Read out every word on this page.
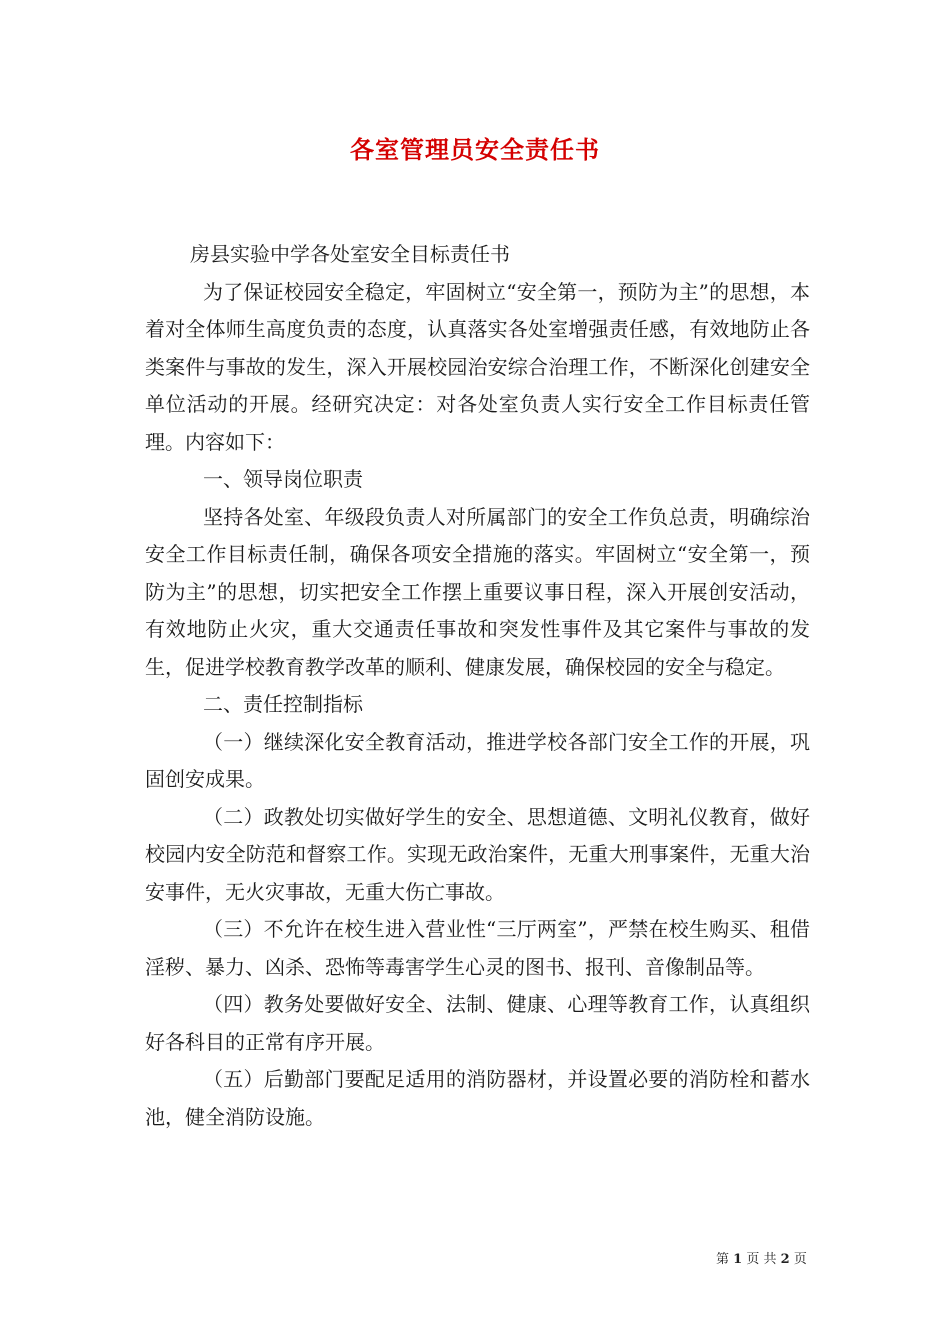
各室管理员安全责任书

房县实验中学各处室安全目标责任书

为了保证校园安全稳定，牢固树立“安全第一，预防为主”的思想，本着对全体师生高度负责的态度，认真落实各处室增强责任感，有效地防止各类案件与事故的发生，深入开展校园治安综合治理工作，不断深化创建安全单位活动的开展。经研究决定：对各处室负责人实行安全工作目标责任管理。内容如下：

一、领导岗位职责

坚持各处室、年级段负责人对所属部门的安全工作负总责，明确综治安全工作目标责任制，确保各项安全措施的落实。牢固树立“安全第一，预防为主”的思想，切实把安全工作摆上重要议事日程，深入开展创安活动，有效地防止火灾，重大交通责任事故和突发性事件及其它案件与事故的发生，促进学校教育教学改革的顺利、健康发展，确保校园的安全与稳定。

二、责任控制指标

（一）继续深化安全教育活动，推进学校各部门安全工作的开展，巩固创安成果。

（二）政教处切实做好学生的安全、思想道德、文明礼仪教育，做好校园内安全防范和督察工作。实现无政治案件，无重大刑事案件，无重大治安事件，无火灾事故，无重大伤亡事故。

（三）不允许在校生进入营业性“三厅两室”，严禁在校生购买、租借淫秽、暴力、凶杀、恐怖等毒害学生心灵的图书、报刊、音像制品等。

（四）教务处要做好安全、法制、健康、心理等教育工作，认真组织好各科目的正常有序开展。

（五）后勤部门要配足适用的消防器材，并设置必要的消防栓和蓄水池，健全消防设施。

第 1 页 共 2 页
